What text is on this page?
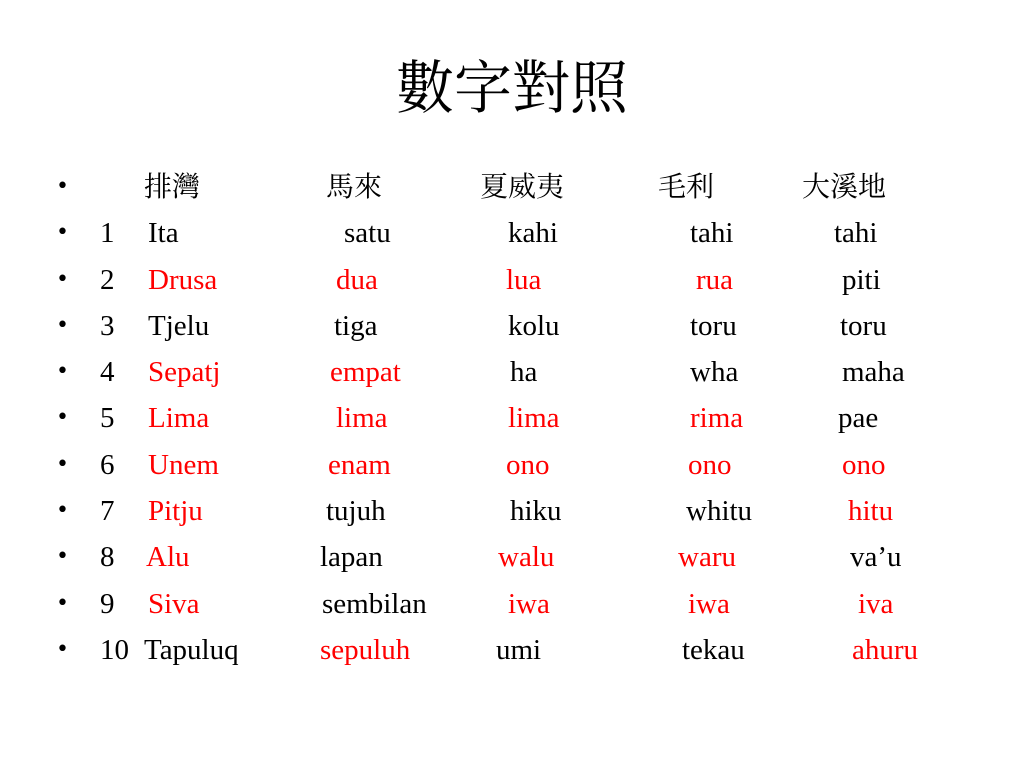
數字對照
•	排灣	馬來	夏威夷	毛利	大溪地
• 1 Ita	satu	kahi	tahi	tahi
• 2 Drusa	dua	lua	rua	piti
• 3 Tjelu	tiga	kolu	toru	toru
• 4 Sepatj	empat	ha	wha	maha
• 5 Lima	lima	lima	rima	pae
• 6 Unem	enam	ono	ono	ono
• 7 Pitju	tujuh	hiku	whitu	hitu
• 8 Alu	lapan	walu	waru	va’u
• 9 Siva	sembilan	iwa	iwa	iva
• 10 Tapuluq	sepuluh	umi	tekau	ahuru
